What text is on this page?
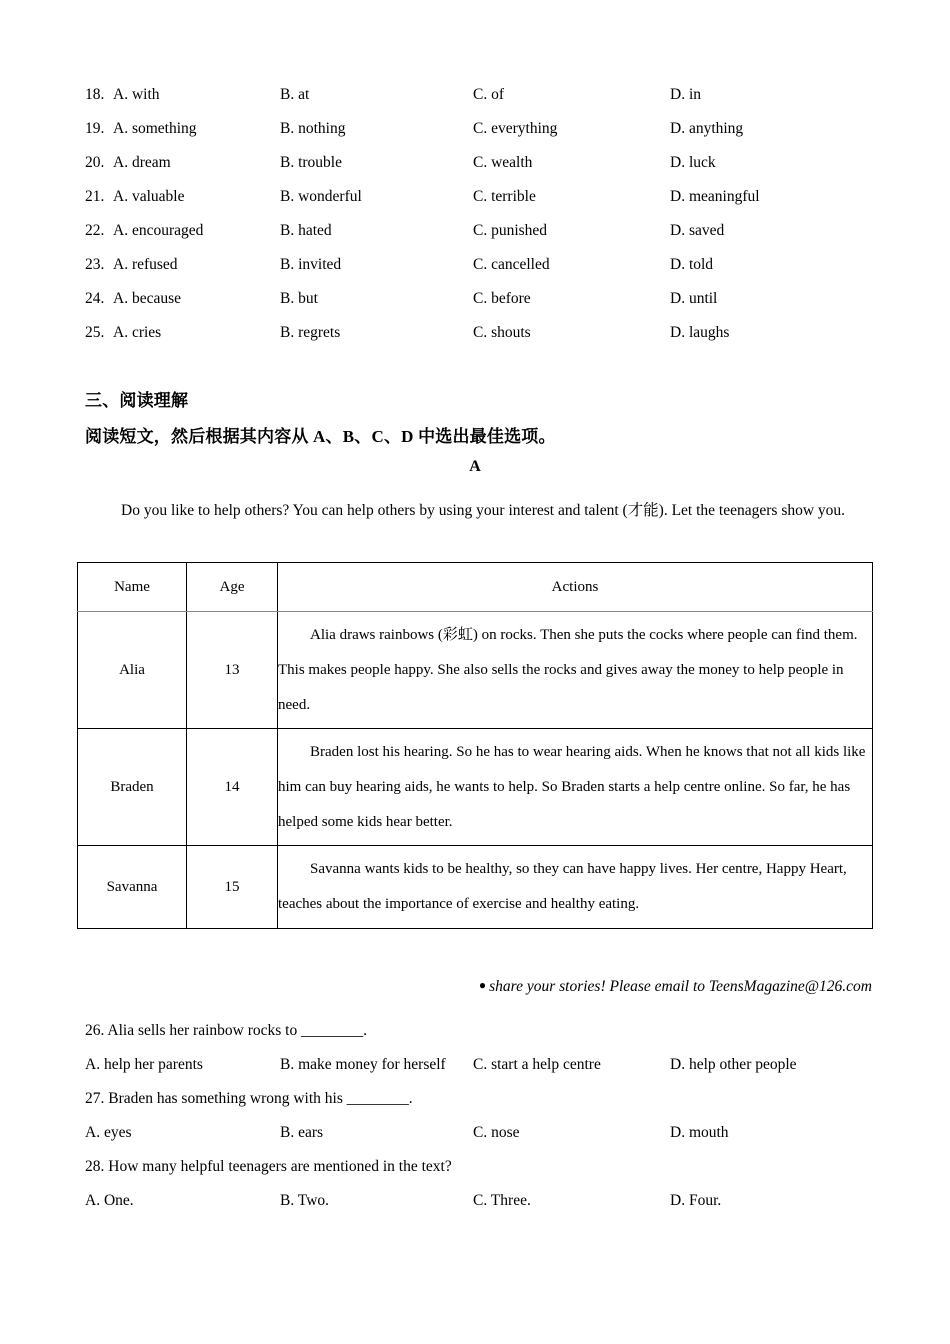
18. A. with	B. at	C. of	D. in
19. A. something	B. nothing	C. everything	D. anything
20. A. dream	B. trouble	C. wealth	D. luck
21. A. valuable	B. wonderful	C. terrible	D. meaningful
22. A. encouraged	B. hated	C. punished	D. saved
23. A. refused	B. invited	C. cancelled	D. told
24. A. because	B. but	C. before	D. until
25. A. cries	B. regrets	C. shouts	D. laughs
三、阅读理解
阅读短文，然后根据其内容从 A、B、C、D 中选出最佳选项。
A
Do you like to help others? You can help others by using your interest and talent (才能). Let the teenagers show you.
Name	Age	Actions
Alia	13	Alia draws rainbows (彩虹) on rocks. Then she puts the cocks where people can find them. This makes people happy. She also sells the rocks and gives away the money to help people in need.
Braden	14	Braden lost his hearing. So he has to wear hearing aids. When he knows that not all kids like him can buy hearing aids, he wants to help. So Braden starts a help centre online. So far, he has helped some kids hear better.
Savanna	15	Savanna wants kids to be healthy, so they can have happy lives. Her centre, Happy Heart, teaches about the importance of exercise and healthy eating.
● share your stories! Please email to TeensMagazine@126.com
26. Alia sells her rainbow rocks to ________.
A. help her parents	B. make money for herself C. start a help centre	D. help other people
27. Braden has something wrong with his ________.
A. eyes	B. ears	C. nose	D. mouth
28. How many helpful teenagers are mentioned in the text?
A. One.	B. Two.	C. Three.	D. Four.
